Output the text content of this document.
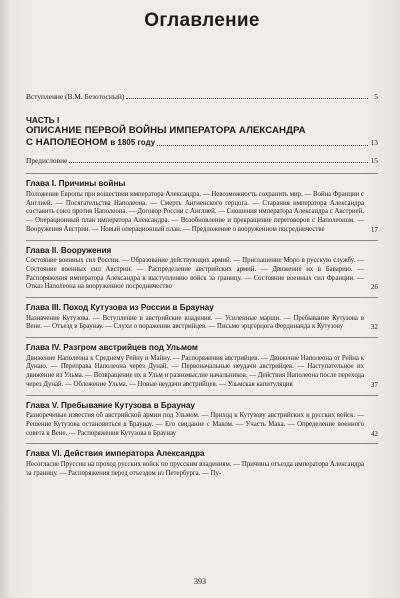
Оглавление
Вступление (В.М. Безотосный)	5
ЧАСТЬ I
ОПИСАНИЕ ПЕРВОЙ ВОЙНЫ ИМПЕРАТОРА АЛЕКСАНДРА
С НАПОЛЕОНОМ в 1805 году	13
Предисловие	15
Глава I. Причины войны
Положение Европы при вошествии императора Александра. — Невозможность сохранить мир. — Война Франции с Англией. — Посягательства Наполеона. — Смерть Ангиенского герцога. — Старания императора Александра составить союз против Наполеона. — Договор России с Англией. — Сношения императора Александра с Австрией. — Операционный план императора Александра. — Возобновление и прекращение переговоров с Наполеоном. — Вооружения Австрии. — Новый операционный план. — Предложение о вооруженном посредничестве	17
Глава II. Вооружения
Состояние военных сил России. — Образование действующих армий. — Приглашение Моро в русскую службу. — Состояние военных сил Австрии. — Распределение австрийских армий. — Движение их в Баварию. — Распоряжения императора Александра к выступлению войск за границу. — Состояние военных сил Франции. — Отказ Наполеона на вооруженное посредничество	26
Глава III. Поход Кутузова из России в Браунау
Назначение Кутузова. — Вступление в австрийские владения. — Усиленные марши. — Пребывание Кутузова в Вене. — Отъезд в Браунау. — Слухи о поражении австрийцев. — Письмо эрцгерцога Фердинанда к Кутузову	32
Глава IV. Разгром австрийцев под Ульмом
Движение Наполеона к Среднему Рейну и Майну. — Распоряжения австрийцев. — Движение Наполеона от Рейна к Дунаю. — Переправа Наполеона через Дунай. — Первоначальные неудачи австрийцев. — Наступательное их движение из Ульма. — Возвращение их в Ульм и разномыслие начальников. — Действия Наполеона после перехода через Дунай. — Обложение Ульма. — Новые неудачи австрийцев. — Ульмская капитуляция	37
Глава V. Пребывание Кутузова в Браунау
Разноречивые известия об австрийской армии под Ульмом. — Приход к Кутузову австрийских и русских войск. — Решение Кутузова остановиться в Браунау. — Его свидание с Маком. — Участь Мака. — Определение военного совета в Вене. — Распоряжения Кутузова в Браунау	42
Глава VI. Действия императора Александра
Несогласие Пруссии на проход русских войск по прусским владениям. — Причины отъезда императора Александра за границу. — Распоряжения перед отъездом из Петербурга. — Пу-
393
